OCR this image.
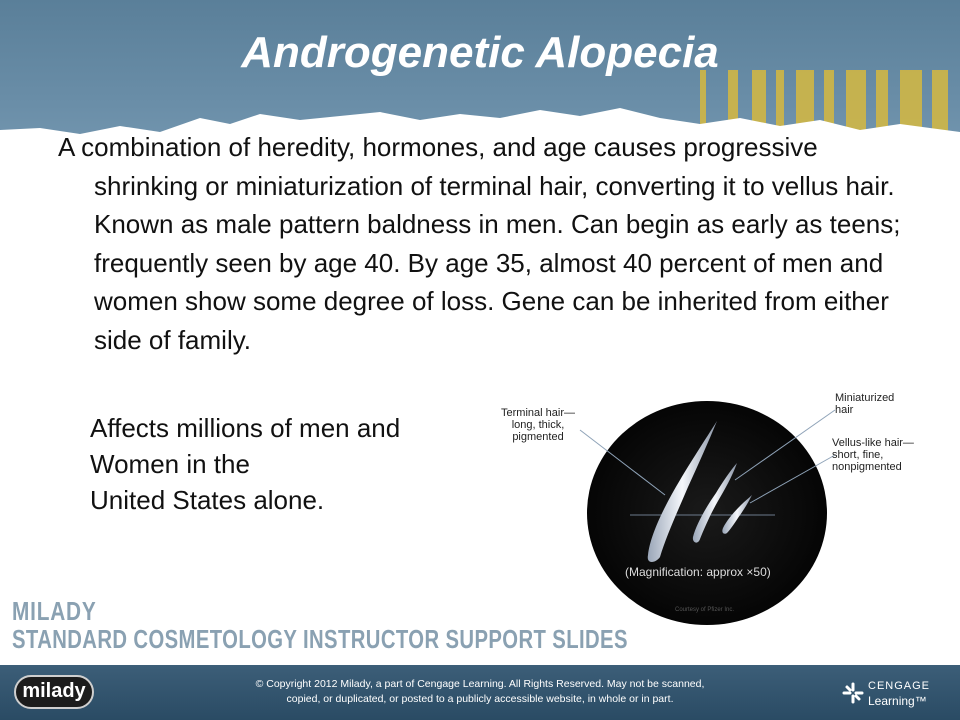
Androgenetic Alopecia
A combination of heredity, hormones, and age causes progressive shrinking or miniaturization of terminal hair, converting it to vellus hair. Known as male pattern baldness in men. Can begin as early as teens; frequently seen by age 40. By age 35, almost 40 percent of men and women show some degree of loss. Gene can be inherited from either side of family.
Affects millions of men and
Women in the
United States alone.
Terminal hair—
long, thick,
pigmented
Miniaturized
hair
Vellus-like hair—
short, fine,
nonpigmented
(Magnification: approx ×50)
Courtesy of Pfizer Inc.
MILADY
STANDARD COSMETOLOGY INSTRUCTOR SUPPORT SLIDES
milady	© Copyright 2012 Milady, a part of Cengage Learning. All Rights Reserved. May not be scanned,
copied, or duplicated, or posted to a publicly accessible website, in whole or in part.
CENGAGE
Learning™
